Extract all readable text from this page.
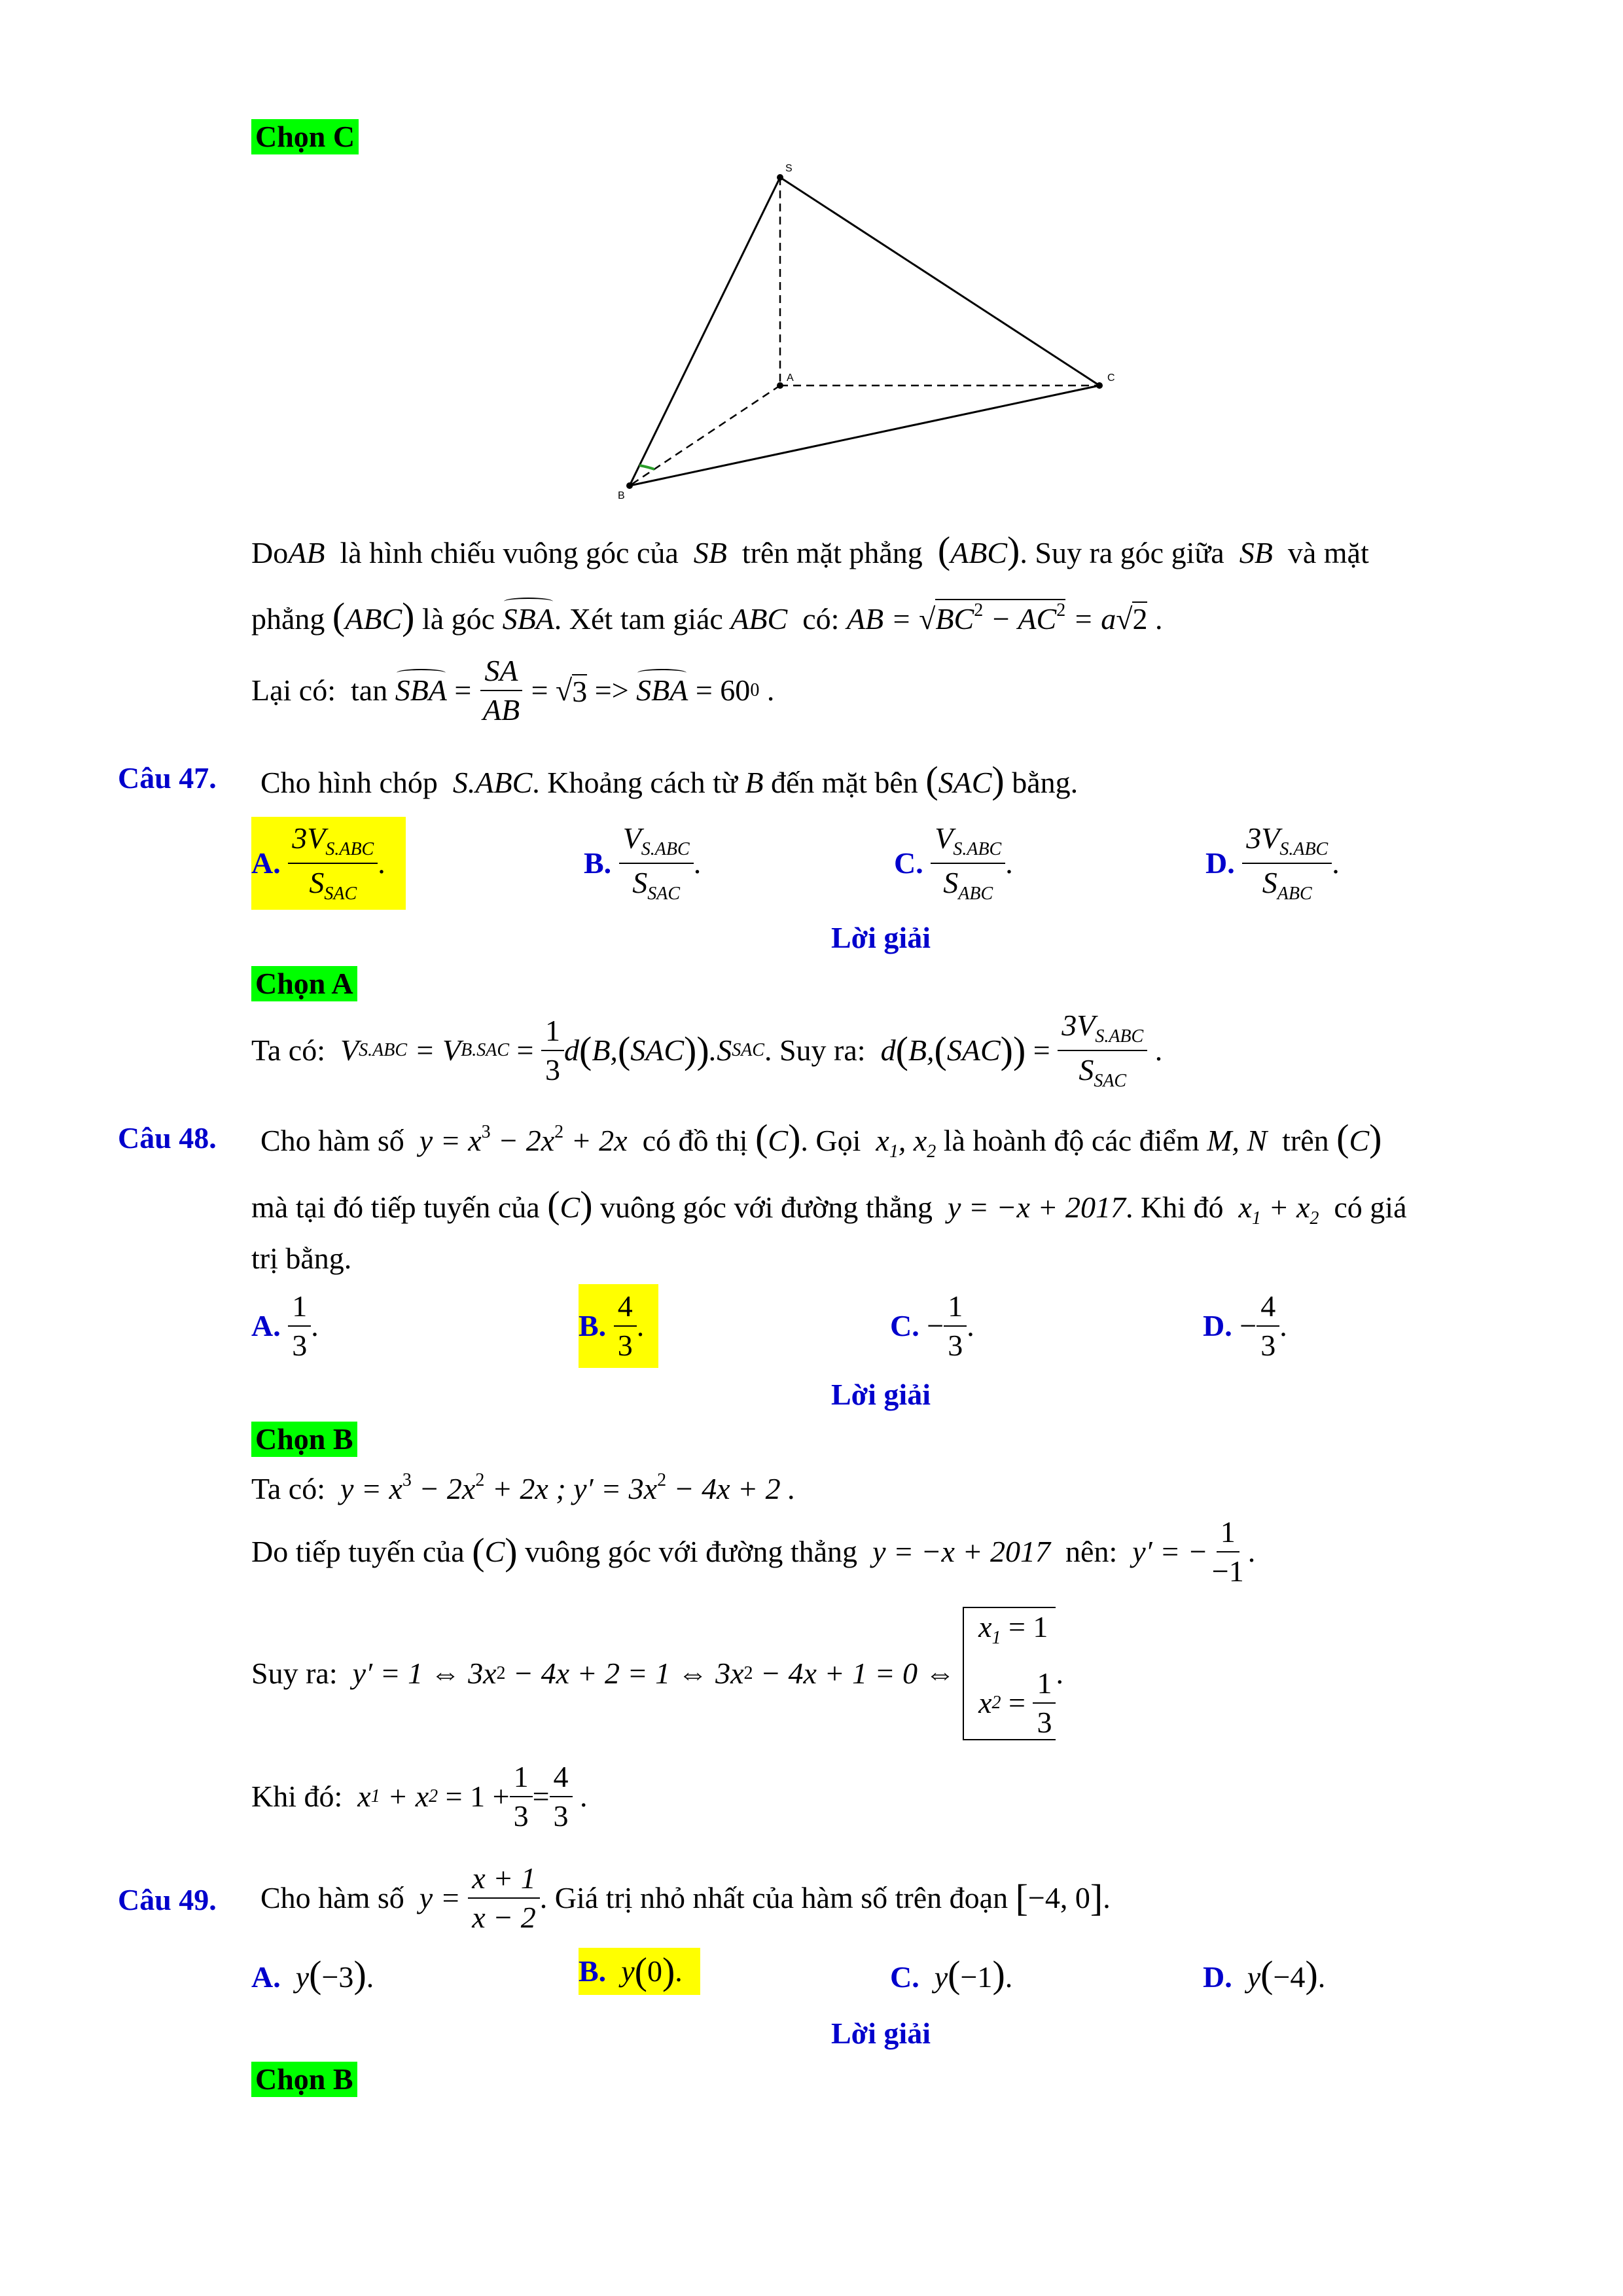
Chọn C
S
A	C
B
DoAB là hình chiếu vuông góc của SB trên mặt phẳng (ABC). Suy ra góc giữa SB và mặt
phẳng (ABC) là góc SBA. Xét tam giác ABC có: AB = $√BC^2 - AC^2 = a√2$ .
Lại có:
tan
SBA
=
$\frac{SA}{AB}$
= √ 3
=>
SBA
= 60 0
.
Câu 47. Cho hình chóp S.ABC. Khoảng cách từ B đến mặt bên (SAC) bằng.
A.
$\frac{3V_{S.ABC}}{S_{SAC}}$ .	B.
$\frac{V_{S.ABC}}{S_{SAC}}$ .	C.
$\frac{V_{S.ABC}}{S_{ABC}}$ .	D.
$\frac{3V_{S.ABC}}{S_{ABC}}$ .
Lời giải
Chọn A
Ta có:
V S.ABC
= V B.SAC
=
$\frac{1}{3}$ d ( B, ( SAC )) .S SAC . Suy ra:
d ( B, ( SAC ))
=
$\frac{3V_{S.ABC}}{S_{SAC}}$
.
Câu 48. Cho hàm số $y = x^3 - 2x^2 + 2x$ có đồ thị (C). Gọi $x_1$, $x_2$ là hoành độ các điểm M, N trên (C)
mà tại đó tiếp tuyến của (C) vuông góc với đường thẳng y = −x + 2017. Khi đó $x_1 + x_2$ có giá
trị bằng.
A.
$\frac{1}{3}$ .	B.
$\frac{4}{3}$ .	C.
− $\frac{1}{3}$ .	D.
− $\frac{4}{3}$ .
Lời giải
Chọn B
Ta có: $y = x^3 - 2x^2 + 2x$ ; $y' = 3x^2 - 4x + 2$ .
Do tiếp tuyến của
( C )
vuông góc với đường thẳng
y = −x + 2017
nên:
y′ = − $\frac{1}{-1}$ .
Suy ra:
y′ = 1 ⇔ 3x 2
− 4x + 2 = 1 ⇔ 3x 2
− 4x + 1 = 0 ⇔

$x_1 = 1$
x 2
=
$\frac{1}{3}$ .
Khi đó:
x 1
+ x 2
= $1 + \frac{1}{3} = \frac{4}{3}$
.
Câu 49. Cho hàm số
y =
$\frac{x + 1}{x - 2}$ . Giá trị nhỏ nhất của hàm số trên đoạn
[ −4, 0 ] .
A. y(−3).	B.
y ( 0 ) .	C. y(−1).	D. y(−4).
Lời giải
Chọn B
